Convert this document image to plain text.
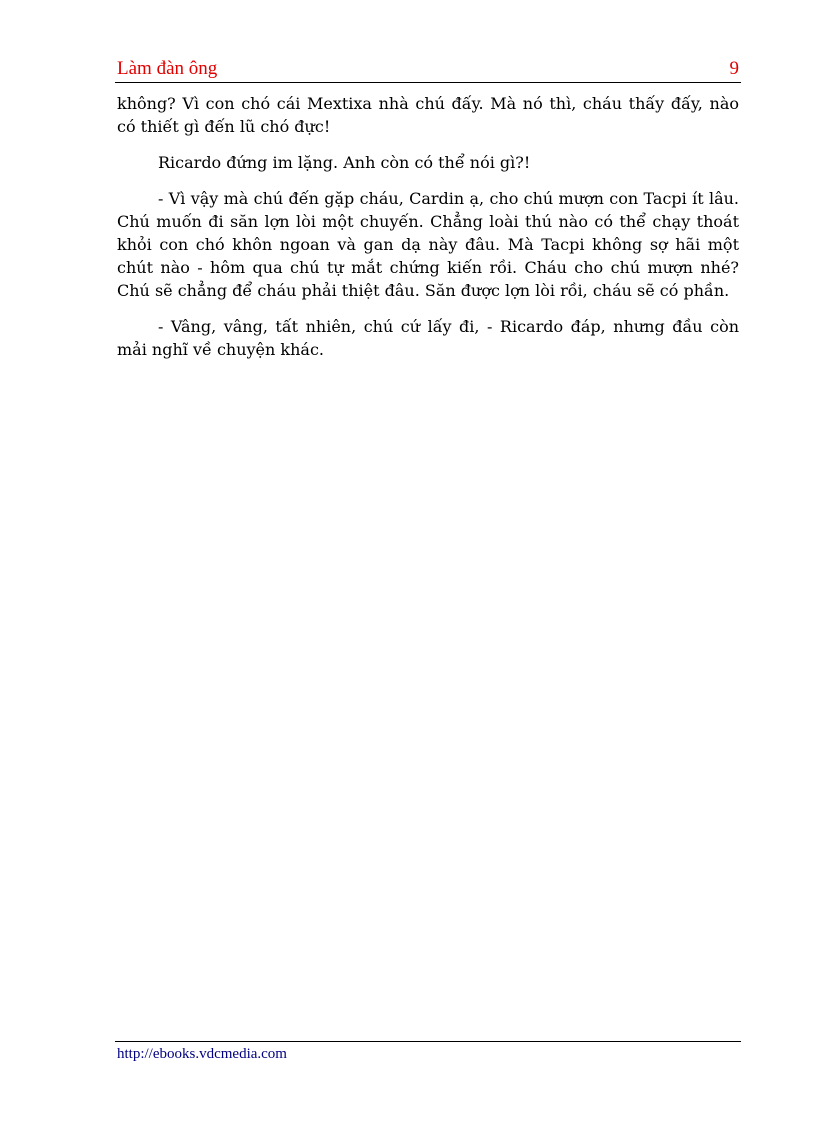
Làm đàn ông	9

không? Vì con chó cái Mextixa nhà chú đấy. Mà nó thì, cháu thấy đấy, nào có thiết gì đến lũ chó đực!

Ricardo đứng im lặng. Anh còn có thể nói gì?!

- Vì vậy mà chú đến gặp cháu, Cardin ạ, cho chú mượn con Tacpi ít lâu. Chú muốn đi săn lợn lòi một chuyến. Chẳng loài thú nào có thể chạy thoát khỏi con chó khôn ngoan và gan dạ này đâu. Mà Tacpi không sợ hãi một chút nào - hôm qua chú tự mắt chứng kiến rồi. Cháu cho chú mượn nhé? Chú sẽ chẳng để cháu phải thiệt đâu. Săn được lợn lòi rồi, cháu sẽ có phần.

- Vâng, vâng, tất nhiên, chú cứ lấy đi, - Ricardo đáp, nhưng đầu còn mải nghĩ về chuyện khác.

http://ebooks.vdcmedia.com
